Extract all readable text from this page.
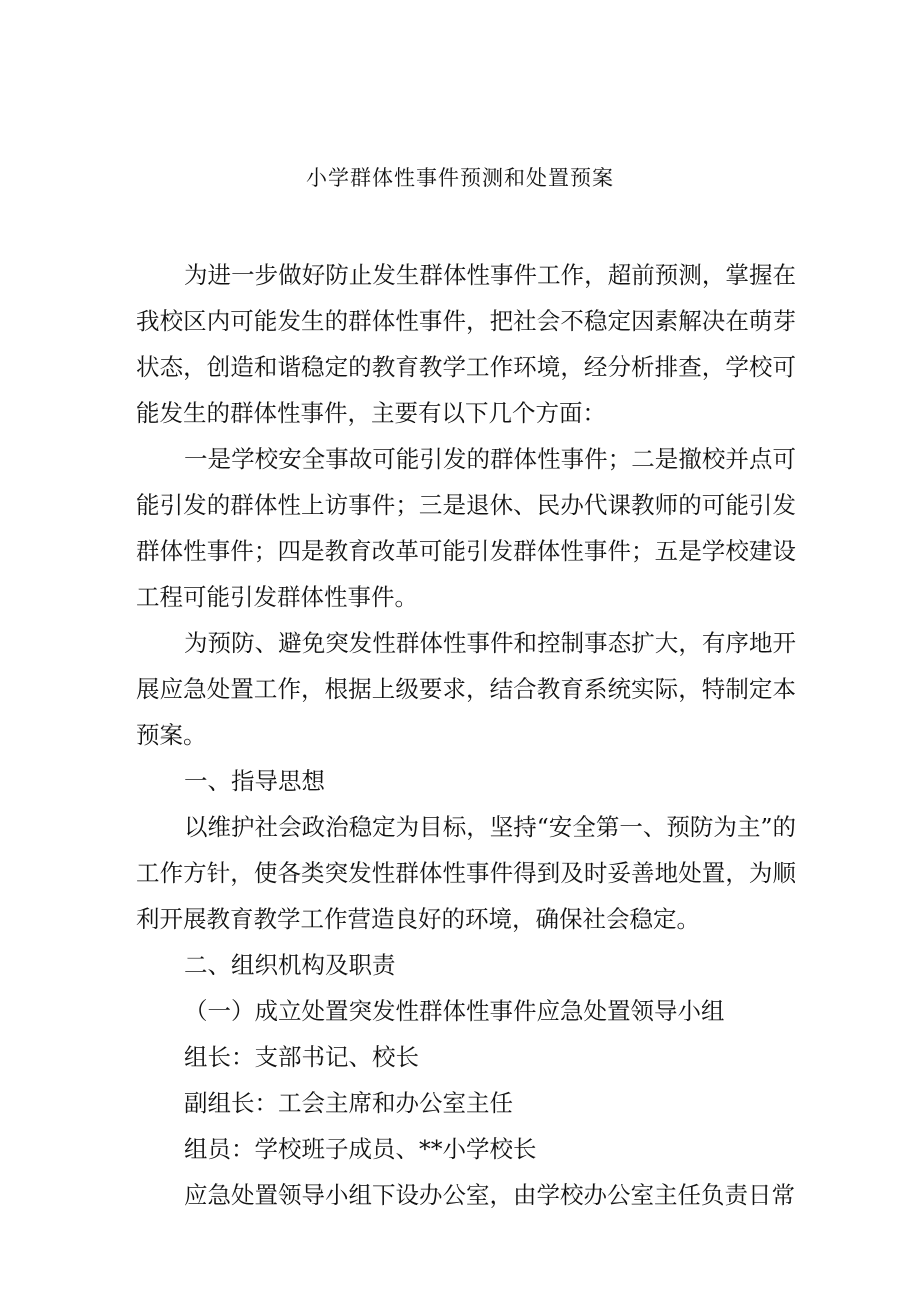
小学群体性事件预测和处置预案

为进一步做好防止发生群体性事件工作，超前预测，掌握在我校区内可能发生的群体性事件，把社会不稳定因素解决在萌芽状态，创造和谐稳定的教育教学工作环境，经分析排查，学校可能发生的群体性事件，主要有以下几个方面：

一是学校安全事故可能引发的群体性事件；二是撤校并点可能引发的群体性上访事件；三是退休、民办代课教师的可能引发群体性事件；四是教育改革可能引发群体性事件；五是学校建设工程可能引发群体性事件。

为预防、避免突发性群体性事件和控制事态扩大，有序地开展应急处置工作，根据上级要求，结合教育系统实际，特制定本预案。

一、指导思想

以维护社会政治稳定为目标，坚持“安全第一、预防为主”的工作方针，使各类突发性群体性事件得到及时妥善地处置，为顺利开展教育教学工作营造良好的环境，确保社会稳定。

二、组织机构及职责

（一）成立处置突发性群体性事件应急处置领导小组

组长：支部书记、校长

副组长：工会主席和办公室主任

组员：学校班子成员、**小学校长

应急处置领导小组下设办公室，由学校办公室主任负责日常
